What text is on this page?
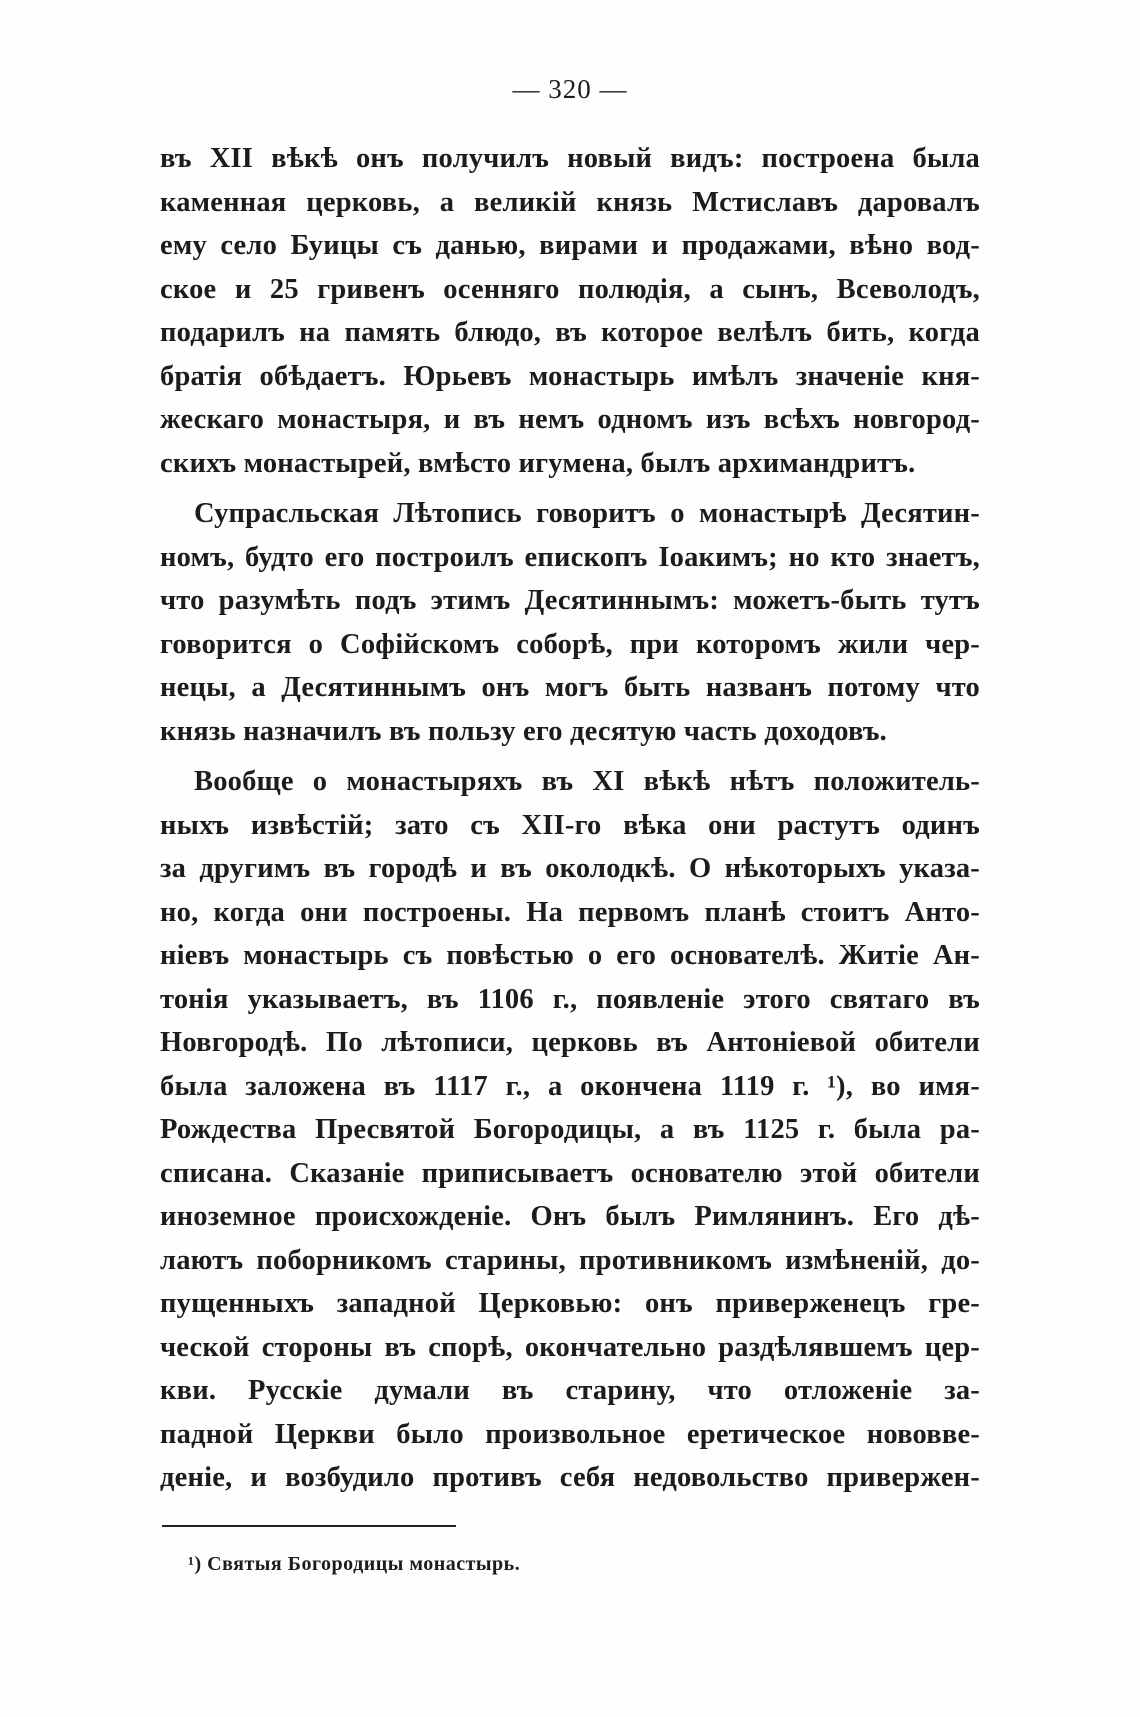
— 320 —
въ XII вѣкѣ онъ получилъ новый видъ: построена была
каменная церковь, а великій князь Мстиславъ даровалъ
ему село Буицы съ данью, вирами и продажами, вѣно вод-
ское и 25 гривенъ осенняго полюдія, а сынъ, Всеволодъ,
подарилъ на память блюдо, въ которое велѣлъ бить, когда
братія обѣдаетъ. Юрьевъ монастырь имѣлъ значеніе кня-
жескаго монастыря, и въ немъ одномъ изъ всѣхъ новгород-
скихъ монастырей, вмѣсто игумена, былъ архимандритъ.
Супрасльская Лѣтопись говоритъ о монастырѣ Десятин-
номъ, будто его построилъ епископъ Іоакимъ; но кто знаетъ,
что разумѣть подъ этимъ Десятиннымъ: можетъ-быть тутъ
говорится о Софійскомъ соборѣ, при которомъ жили чер-
нецы, а Десятиннымъ онъ могъ быть названъ потому что
князь назначилъ въ пользу его десятую часть доходовъ.
Вообще о монастыряхъ въ XI вѣкѣ нѣтъ положитель-
ныхъ извѣстій; зато съ XII-го вѣка они растутъ одинъ
за другимъ въ городѣ и въ околодкѣ. О нѣкоторыхъ указа-
но, когда они построены. На первомъ планѣ стоитъ Анто-
ніевъ монастырь съ повѣстью о его основателѣ. Житіе Ан-
тонія указываетъ, въ 1106 г., появленіе этого святаго въ
Новгородѣ. По лѣтописи, церковь въ Антоніевой обители
была заложена въ 1117 г., а окончена 1119 г. ¹), во имя-
Рождества Пресвятой Богородицы, а въ 1125 г. была ра-
списана. Сказаніе приписываетъ основателю этой обители
иноземное происхожденіе. Онъ былъ Римлянинъ. Его дѣ-
лаютъ поборникомъ старины, противникомъ измѣненій, до-
пущенныхъ западной Церковью: онъ приверженецъ гре-
ческой стороны въ спорѣ, окончательно раздѣлявшемъ цер-
кви. Русскіе думали въ старину, что отложеніе за-
падной Церкви было произвольное еретическое нововве-
деніе, и возбудило противъ себя недовольство привержен-
¹) Святыя Богородицы монастырь.
